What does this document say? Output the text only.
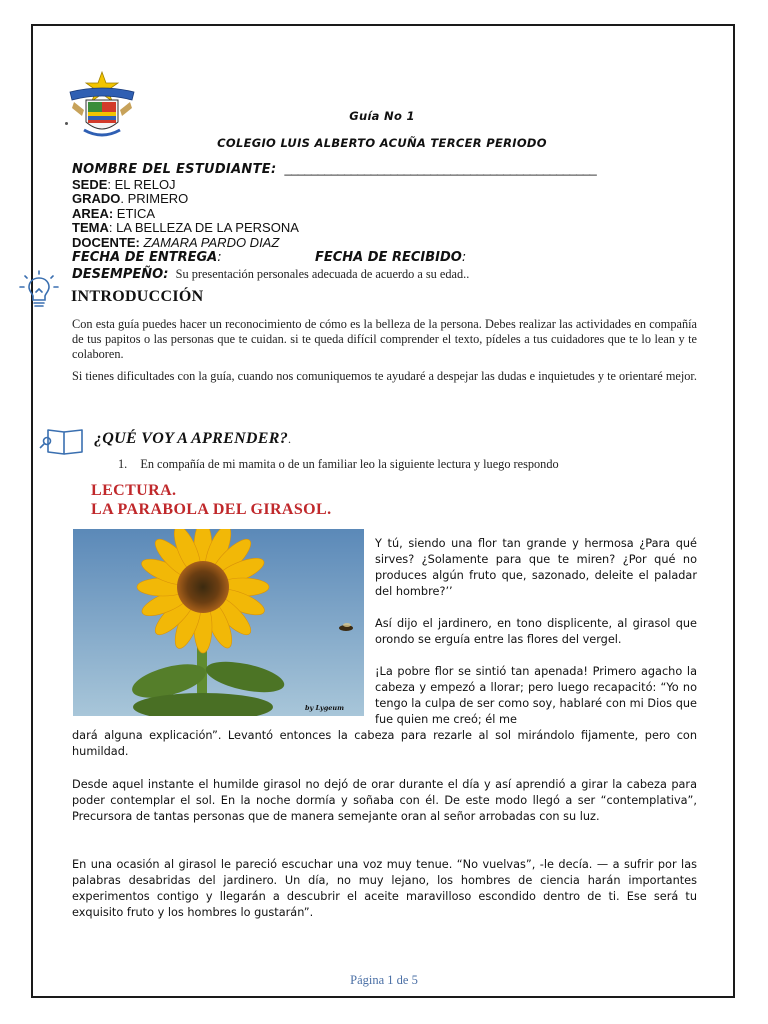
Guía No 1
COLEGIO LUIS ALBERTO ACUÑA TERCER PERIODO
NOMBRE DEL ESTUDIANTE: _______________________________________________
SEDE: EL RELOJ
GRADO. PRIMERO
AREA: ETICA
TEMA: LA BELLEZA DE LA PERSONA
DOCENTE: ZAMARA PARDO DIAZ
FECHA DE ENTREGA:	FECHA DE RECIBIDO:
DESEMPEÑO: Su presentación personales adecuada de acuerdo a su edad..
INTRODUCCIÓN
Con esta guía puedes hacer un reconocimiento de cómo es la belleza de la persona. Debes realizar las actividades en compañía de tus papitos o las personas que te cuidan. si te queda difícil comprender el texto, pídeles a tus cuidadores que te lo lean y te colaboren.
Si tienes dificultades con la guía, cuando nos comuniquemos te ayudaré a despejar las dudas e inquietudes y te orientaré mejor.
¿QUÉ VOY A APRENDER?.
1. En compañía de mi mamita o de un familiar leo la siguiente lectura y luego respondo
LECTURA.
LA PARABOLA DEL GIRASOL.
by Lygeum
Y tú, siendo una flor tan grande y hermosa ¿Para qué sirves? ¿Solamente para que te miren? ¿Por qué no produces algún fruto que, sazonado, deleite el paladar del hombre?’’
Así dijo el jardinero, en tono displicente, al girasol que orondo se erguía entre las flores del vergel.
¡La pobre flor se sintió tan apenada! Primero agacho la cabeza y empezó a llorar; pero luego recapacitó: “Yo no tengo la culpa de ser como soy, hablaré con mi Dios que fue quien me creó; él me
dará alguna explicación”. Levantó entonces la cabeza para rezarle al sol mirándolo fijamente, pero con humildad.
Desde aquel instante el humilde girasol no dejó de orar durante el día y así aprendió a girar la cabeza para poder contemplar el sol. En la noche dormía y soñaba con él. De este modo llegó a ser “contemplativa”, Precursora de tantas personas que de manera semejante oran al señor arrobadas con su luz.
En una ocasión al girasol le pareció escuchar una voz muy tenue. “No vuelvas”, -le decía. — a sufrir por las palabras desabridas del jardinero. Un día, no muy lejano, los hombres de ciencia harán importantes experimentos contigo y llegarán a descubrir el aceite maravilloso escondido dentro de ti. Ese será tu exquisito fruto y los hombres lo gustarán”.
Página 1 de 5
